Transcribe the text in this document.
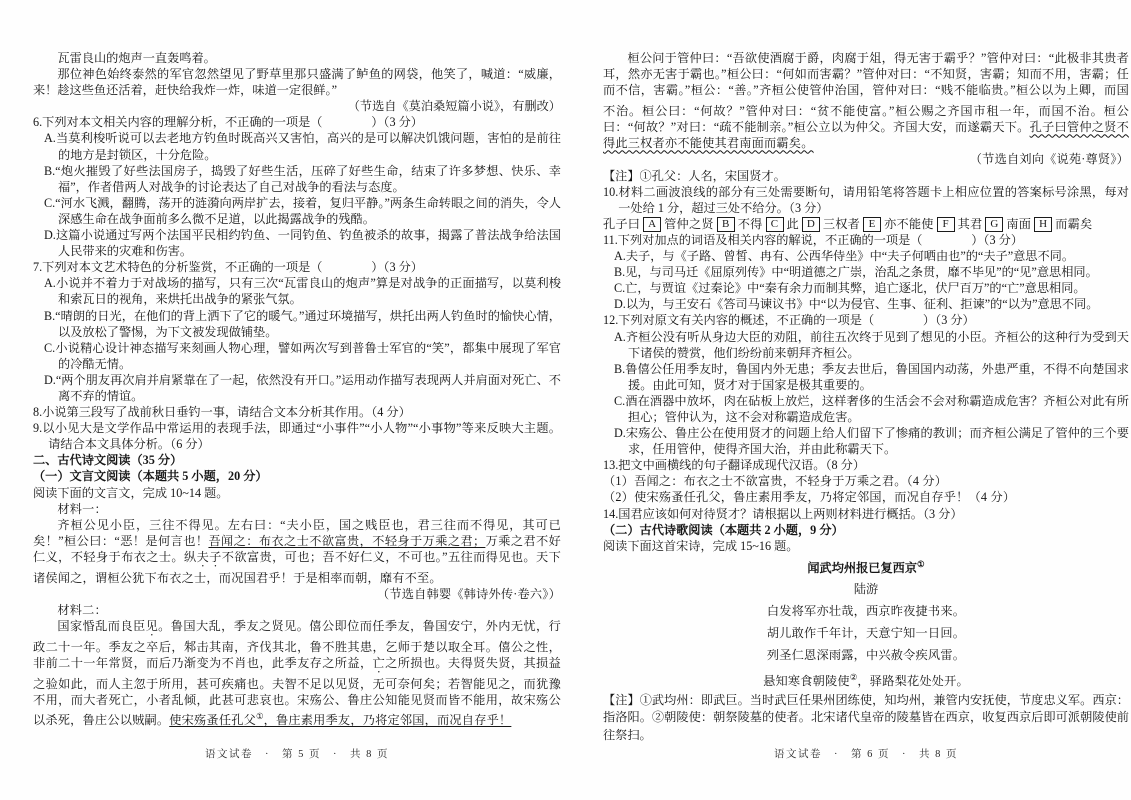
瓦雷良山的炮声一直轰鸣着。

那位神色始终泰然的军官忽然望见了野草里那只盛满了鲈鱼的网袋，他笑了，喊道：“威廉，来！趁这些鱼还活着，赶快给我炸一炸，味道一定很鲜。”

（节选自《莫泊桑短篇小说》，有删改）

6.下列对本文相关内容的理解分析，不正确的一项是（　　　　）（3 分）

A.当莫利梭听说可以去老地方钓鱼时既高兴又害怕，高兴的是可以解决饥饿问题，害怕的是前往的地方是封锁区，十分危险。
B.“炮火摧毁了好些法国房子，捣毁了好些生活，压碎了好些生命，结束了许多梦想、快乐、幸福”，作者借两人对战争的讨论表达了自己对战争的看法与态度。
C.“河水飞溅，翻腾，荡开的涟漪向两岸扩去，接着，复归平静。”两条生命转眼之间的消失，令人深感生命在战争面前多么微不足道，以此揭露战争的残酷。
D.这篇小说通过写两个法国平民相约钓鱼、一同钓鱼、钓鱼被杀的故事，揭露了普法战争给法国人民带来的灾难和伤害。

7.下列对本文艺术特色的分析鉴赏，不正确的一项是（　　　　）（3 分）

A.小说并不着力于对战场的描写，只有三次“瓦雷良山的炮声”算是对战争的正面描写，以莫利梭和索瓦日的视角，来烘托出战争的紧张气氛。
B.“晴朗的日光，在他们的背上洒下了它的暖气。”通过环境描写，烘托出两人钓鱼时的愉快心情，以及放松了警惕，为下文被发现做铺垫。
C.小说精心设计神态描写来刻画人物心理，譬如两次写到普鲁士军官的“笑”，都集中展现了军官的冷酷无情。
D.“两个朋友再次肩并肩紧靠在了一起，依然没有开口。”运用动作描写表现两人并肩面对死亡、不离不弃的情谊。

8.小说第三段写了战前秋日垂钓一事，请结合文本分析其作用。（4 分）

9.以小见大是文学作品中常运用的表现手法，即通过“小事件”“小人物”“小事物”等来反映大主题。请结合本文具体分析。（6 分）

二、古代诗文阅读（35 分）

（一）文言文阅读（本题共 5 小题，20 分）

阅读下面的文言文，完成 10~14 题。

材料一：

齐桓公见小臣，三往不得见。左右曰：“夫小臣，国之贱臣也，君三往而不得见，其可已矣！”桓公曰：“恶！是何言也！吾闻之：布衣之士不欲富贵，不轻身于万乘之君；万乘之君不好仁义，不轻身于布衣之士。纵夫子不欲富贵，可也；吾不好仁义，不可也。”五往而得见也。天下诸侯闻之，谓桓公犹下布衣之士，而况国君乎！于是相率而朝，靡有不至。

（节选自韩婴《韩诗外传·卷六》）

材料二：

国家惛乱而良臣见。鲁国大乱，季友之贤见。僖公即位而任季友，鲁国安宁，外内无忧，行政二十一年。季友之卒后，邾击其南，齐伐其北，鲁不胜其患，乞师于楚以取全耳。僖公之性，非前二十一年常贤，而后乃渐变为不肖也，此季友存之所益，亡之所损也。夫得贤失贤，其损益之验如此，而人主忽于所用，甚可疾痛也。夫智不足以见贤，无可奈何矣；若智能见之，而犹豫不用，而大者死亡，小者乱倾，此甚可悲哀也。宋殇公、鲁庄公知能见贤而皆不能用，故宋殇公以杀死，鲁庄公以贼嗣。使宋殇蚤任孔父①，鲁庄素用季友，乃将定邻国，而况自存乎！

语文试卷　·　第 5 页　·　共 8 页

桓公问于管仲曰：“吾欲使酒腐于爵，肉腐于俎，得无害于霸乎？”管仲对曰：“此极非其贵者耳，然亦无害于霸也。”桓公曰：“何如而害霸？”管仲对曰：“不知贤，害霸；知而不用，害霸；任而不信，害霸。”桓公：“善。”齐桓公使管仲治国，管仲对曰：“贱不能临贵。”桓公以为上卿，而国不治。桓公曰：“何故？”管仲对曰：“贫不能使富。”桓公赐之齐国市租一年，而国不治。桓公曰：“何故？”对曰：“疏不能制亲。”桓公立以为仲父。齐国大安，而遂霸天下。孔子曰管仲之贤不得此三权者亦不能使其君南面而霸矣。

（节选自刘向《说苑·尊贤》）

【注】①孔父：人名，宋国贤才。

10.材料二画波浪线的部分有三处需要断句，请用铅笔将答题卡上相应位置的答案标号涂黑，每对一处给 1 分，超过三处不给分。（3 分）

孔子曰 A 管仲之贤 B 不得 C 此 D 三权者 E 亦不能使 F 其君 G 南面 H 而霸矣

11.下列对加点的词语及相关内容的解说，不正确的一项是（　　　　）（3 分）

A.夫子，与《子路、曾皙、冉有、公西华侍坐》中“夫子何哂由也”的“夫子”意思不同。
B.见，与司马迁《屈原列传》中“明道德之广崇，治乱之条贯，靡不毕见”的“见”意思相同。
C.亡，与贾谊《过秦论》中“秦有余力而制其弊，追亡逐北，伏尸百万”的“亡”意思相同。
D.以为，与王安石《答司马谏议书》中“以为侵官、生事、征利、拒谏”的“以为”意思不同。

12.下列对原文有关内容的概述，不正确的一项是（　　　　）（3 分）

A.齐桓公没有听从身边大臣的劝阻，前往五次终于见到了想见的小臣。齐桓公的这种行为受到天下诸侯的赞赏，他们纷纷前来朝拜齐桓公。
B.鲁僖公任用季友时，鲁国内外无患；季友去世后，鲁国国内动荡，外患严重，不得不向楚国求援。由此可知，贤才对于国家是极其重要的。
C.酒在酒器中放坏，肉在砧板上放烂，这样奢侈的生活会不会对称霸造成危害？齐桓公对此有所担心；管仲认为，这不会对称霸造成危害。
D.宋殇公、鲁庄公在使用贤才的问题上给人们留下了惨痛的教训；而齐桓公满足了管仲的三个要求，任用管仲，使得齐国大治，并由此称霸天下。

13.把文中画横线的句子翻译成现代汉语。（8 分）

（1）吾闻之：布衣之士不欲富贵，不轻身于万乘之君。（4 分）

（2）使宋殇蚤任孔父，鲁庄素用季友，乃将定邻国，而况自存乎！（4 分）

14.国君应该如何对待贤才？请根据以上两则材料进行概括。（3 分）

（二）古代诗歌阅读（本题共 2 小题，9 分）

阅读下面这首宋诗，完成 15~16 题。

闻武均州报已复西京①

陆游

白发将军亦壮哉，西京昨夜捷书来。

胡儿敢作千年计，天意宁知一日回。

列圣仁恩深雨露，中兴赦令疾风雷。

悬知寒食朝陵使②，驿路梨花处处开。

【注】①武均州：即武巨。当时武巨任果州团练使，知均州，兼管内安抚使，节度忠义军。西京：指洛阳。②朝陵使：朝祭陵墓的使者。北宋诸代皇帝的陵墓皆在西京，收复西京后即可派朝陵使前往祭扫。

语文试卷　·　第 6 页　·　共 8 页
